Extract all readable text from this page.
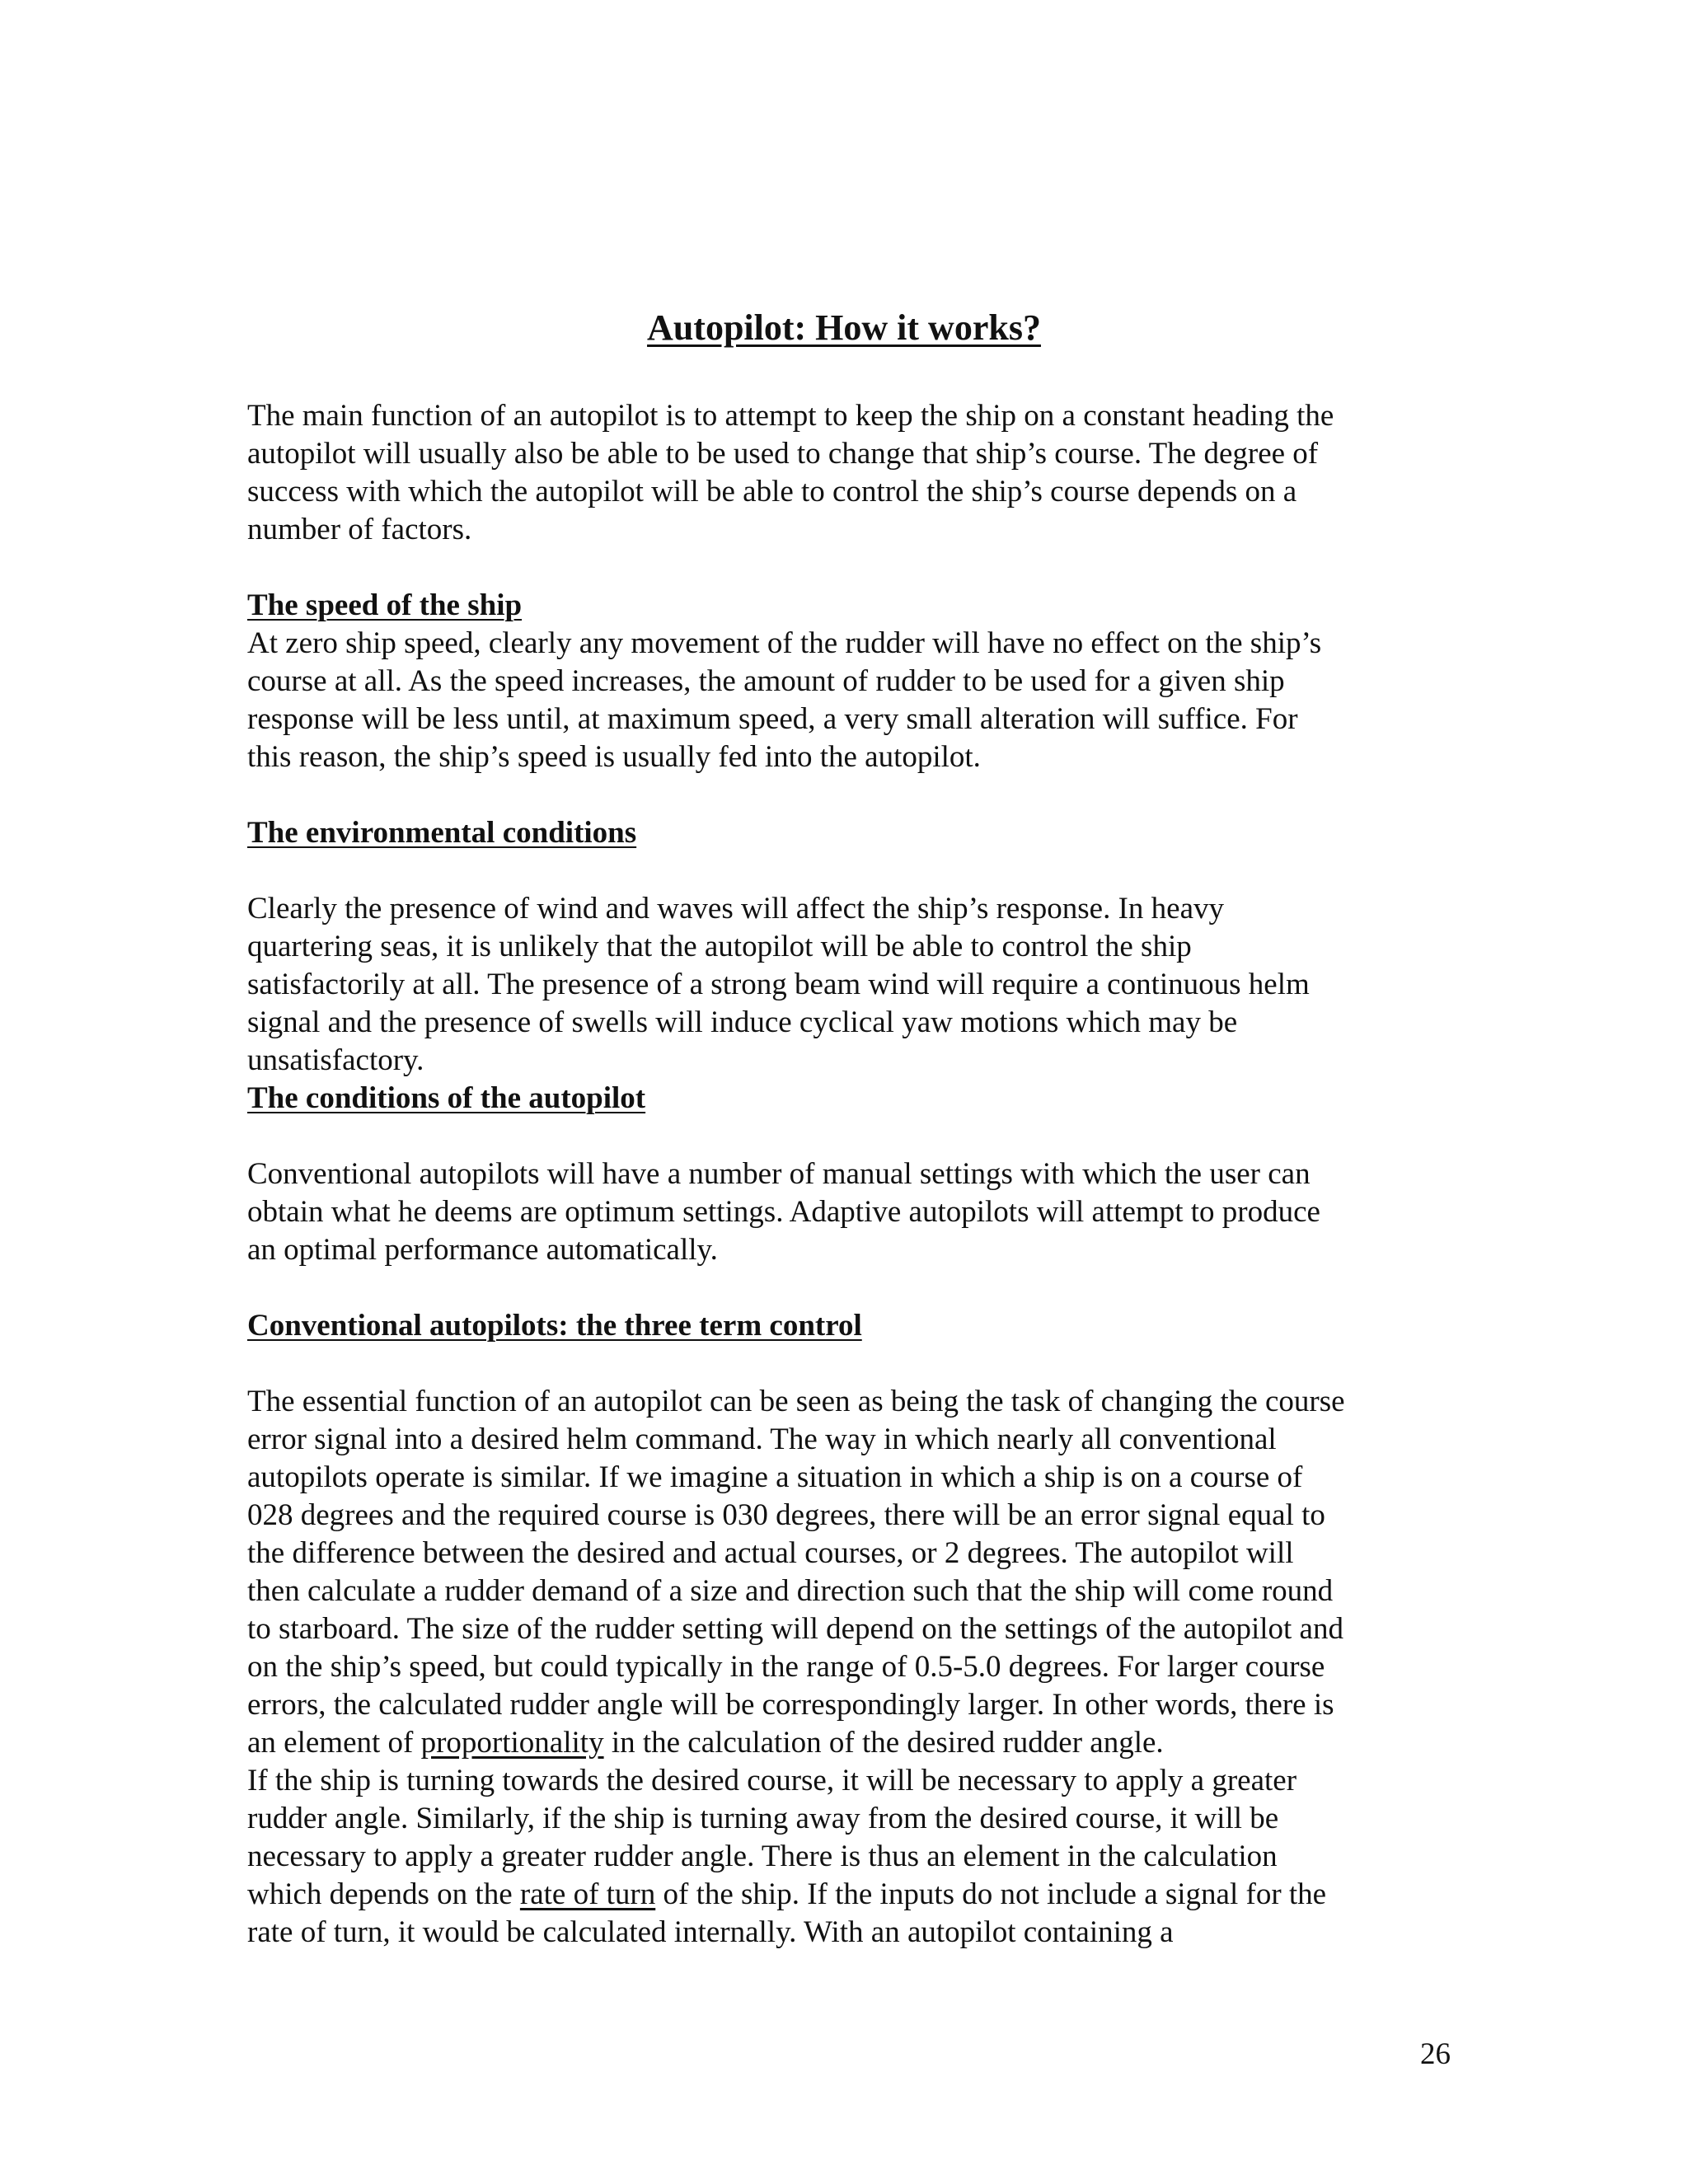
Autopilot: How it works?

The main function of an autopilot is to attempt to keep the ship on a constant heading the

autopilot will usually also be able to be used to change that ship’s course. The degree of

success with which the autopilot will be able to control the ship’s course depends on a

number of factors.

The speed of the ship

At zero ship speed, clearly any movement of the rudder will have no effect on the ship’s

course at all. As the speed increases, the amount of rudder to be used for a given ship

response will be less until, at maximum speed, a very small alteration will suffice. For

this reason, the ship’s speed is usually fed into the autopilot.

The environmental conditions

Clearly the presence of wind and waves will affect the ship’s response. In heavy

quartering seas, it is unlikely that the autopilot will be able to control the ship

satisfactorily at all. The presence of a strong beam wind will require a continuous helm

signal and the presence of swells will induce cyclical yaw motions which may be

unsatisfactory.

The conditions of the autopilot

Conventional autopilots will have a number of manual settings with which the user can

obtain what he deems are optimum settings. Adaptive autopilots will attempt to produce

an optimal performance automatically.

Conventional autopilots: the three term control

The essential function of an autopilot can be seen as being the task of changing the course

error signal into a desired helm command. The way in which nearly all conventional

autopilots operate is similar. If we imagine a situation in which a ship is on a course of

028 degrees and the required course is 030 degrees, there will be an error signal equal to

the difference between the desired and actual courses, or 2 degrees. The autopilot will

then calculate a rudder demand of a size and direction such that the ship will come round

to starboard. The size of the rudder setting will depend on the settings of the autopilot and

on the ship’s speed, but could typically in the range of 0.5-5.0 degrees. For larger course

errors, the calculated rudder angle will be correspondingly larger. In other words, there is

an element of proportionality in the calculation of the desired rudder angle.

If the ship is turning towards the desired course, it will be necessary to apply a greater

rudder angle. Similarly, if the ship is turning away from the desired course, it will be

necessary to apply a greater rudder angle. There is thus an element in the calculation

which depends on the rate of turn of the ship. If the inputs do not include a signal for the

rate of turn, it would be calculated internally. With an autopilot containing a

26
